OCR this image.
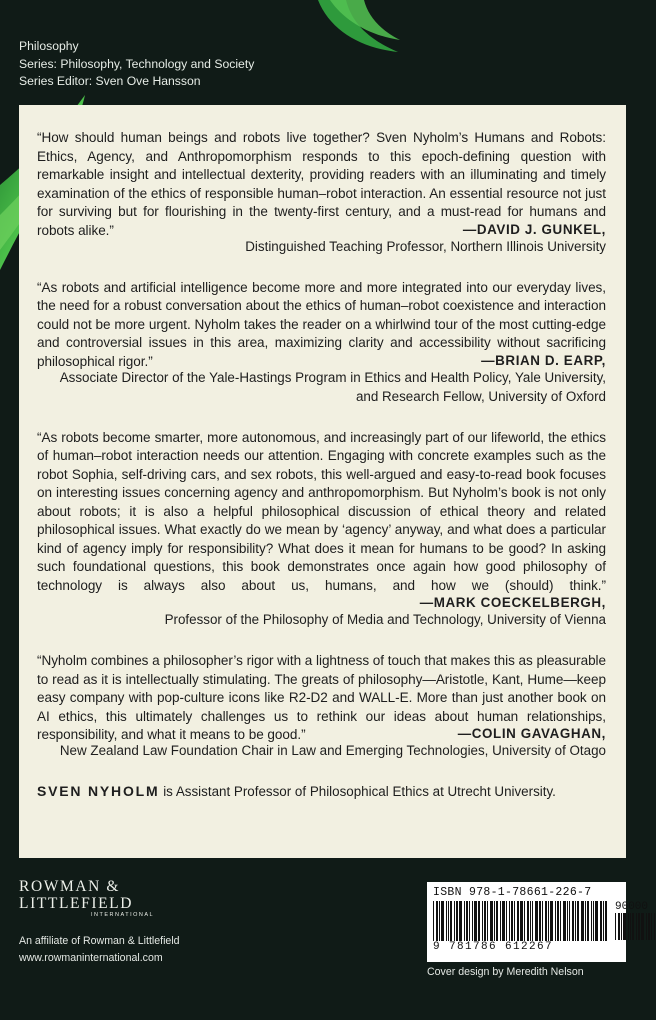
Philosophy
Series: Philosophy, Technology and Society
Series Editor: Sven Ove Hansson
“How should human beings and robots live together? Sven Nyholm’s Humans and Robots: Ethics, Agency, and Anthropomorphism responds to this epoch-defining question with remarkable insight and intellectual dexterity, providing readers with an illuminating and timely examination of the ethics of responsible human–robot interaction. An essential resource not just for surviving but for flourishing in the twenty-first century, and a must-read for humans and robots alike.”	—DAVID J. GUNKEL,
Distinguished Teaching Professor, Northern Illinois University
“As robots and artificial intelligence become more and more integrated into our everyday lives, the need for a robust conversation about the ethics of human–robot coexistence and interaction could not be more urgent. Nyholm takes the reader on a whirlwind tour of the most cutting-edge and controversial issues in this area, maximizing clarity and accessibility without sacrificing philosophical rigor.”	—BRIAN D. EARP,
Associate Director of the Yale-Hastings Program in Ethics and Health Policy, Yale University,
and Research Fellow, University of Oxford
“As robots become smarter, more autonomous, and increasingly part of our lifeworld, the ethics of human–robot interaction needs our attention. Engaging with concrete examples such as the robot Sophia, self-driving cars, and sex robots, this well-argued and easy-to-read book focuses on interesting issues concerning agency and anthropomorphism. But Nyholm’s book is not only about robots; it is also a helpful philosophical discussion of ethical theory and related philosophical issues. What exactly do we mean by ‘agency’ anyway, and what does a particular kind of agency imply for responsibility? What does it mean for humans to be good? In asking such foundational questions, this book demonstrates once again how good philosophy of technology is always also about us, humans, and how we (should) think.”
—MARK COECKELBERGH,
Professor of the Philosophy of Media and Technology, University of Vienna
“Nyholm combines a philosopher’s rigor with a lightness of touch that makes this as pleasurable to read as it is intellectually stimulating. The greats of philosophy—Aristotle, Kant, Hume—keep easy company with pop-culture icons like R2-D2 and WALL-E. More than just another book on AI ethics, this ultimately challenges us to rethink our ideas about human relationships, responsibility, and what it means to be good.”	—COLIN GAVAGHAN,
New Zealand Law Foundation Chair in Law and Emerging Technologies, University of Otago
SVEN NYHOLM is Assistant Professor of Philosophical Ethics at Utrecht University.
ROWMAN &
LITTLEFIELD
INTERNATIONAL
An affiliate of Rowman & Littlefield
www.rowmaninternational.com
ISBN 978-1-78661-226-7
90000
9 781786 612267
Cover design by Meredith Nelson
